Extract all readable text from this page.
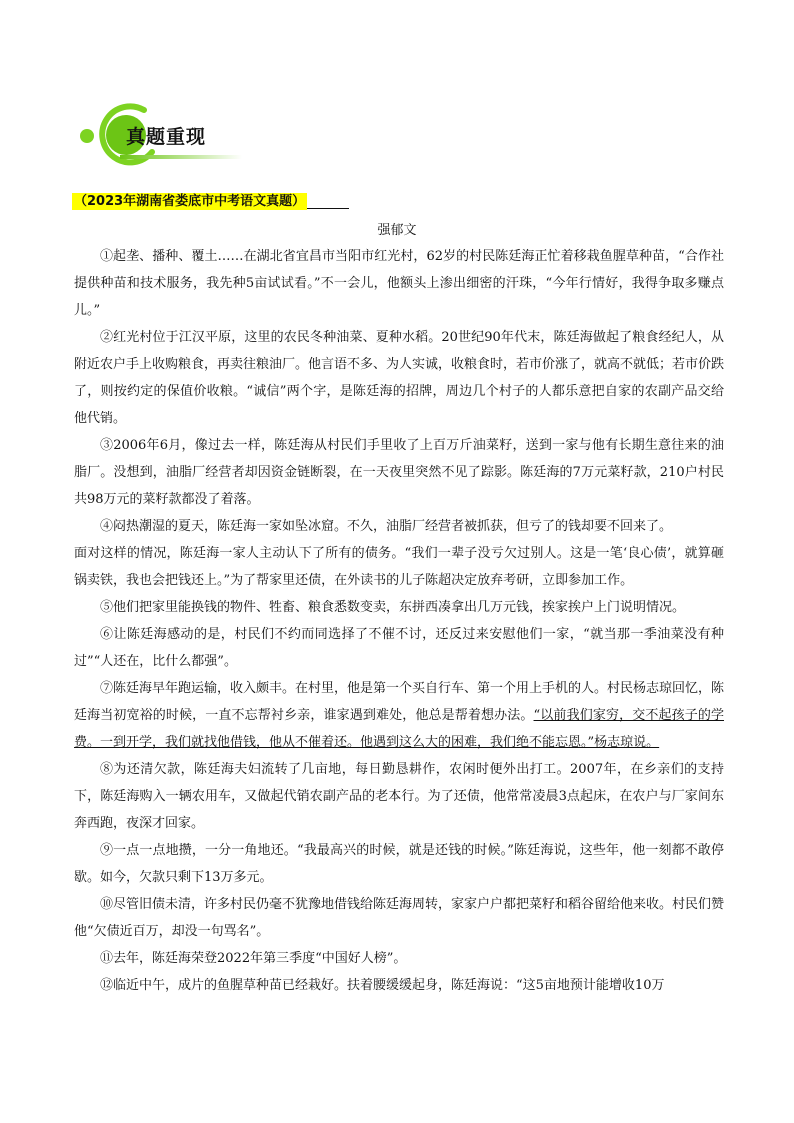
真题重现
（2023年湖南省娄底市中考语文真题）
强郁文

①起垄、播种、覆土……在湖北省宜昌市当阳市红光村，62岁的村民陈廷海正忙着移栽鱼腥草种苗，“合作社提供种苗和技术服务，我先种5亩试试看。”不一会儿，他额头上渗出细密的汗珠，“今年行情好，我得争取多赚点儿。”

②红光村位于江汉平原，这里的农民冬种油菜、夏种水稻。20世纪90年代末，陈廷海做起了粮食经纪人，从附近农户手上收购粮食，再卖往粮油厂。他言语不多、为人实诚，收粮食时，若市价涨了，就高不就低；若市价跌了，则按约定的保值价收粮。“诚信”两个字，是陈廷海的招牌，周边几个村子的人都乐意把自家的农副产品交给他代销。

③2006年6月，像过去一样，陈廷海从村民们手里收了上百万斤油菜籽，送到一家与他有长期生意往来的油脂厂。没想到，油脂厂经营者却因资金链断裂，在一天夜里突然不见了踪影。陈廷海的7万元菜籽款，210户村民共98万元的菜籽款都没了着落。

④闷热潮湿的夏天，陈廷海一家如坠冰窟。不久，油脂厂经营者被抓获，但亏了的钱却要不回来了。

面对这样的情况，陈廷海一家人主动认下了所有的债务。“我们一辈子没亏欠过别人。这是一笔‘良心债’，就算砸锅卖铁，我也会把钱还上。”为了帮家里还债，在外读书的儿子陈超决定放弃考研，立即参加工作。

⑤他们把家里能换钱的物件、牲畜、粮食悉数变卖，东拼西凑拿出几万元钱，挨家挨户上门说明情况。

⑥让陈廷海感动的是，村民们不约而同选择了不催不讨，还反过来安慰他们一家，“就当那一季油菜没有种过”“人还在，比什么都强”。

⑦陈廷海早年跑运输，收入颇丰。在村里，他是第一个买自行车、第一个用上手机的人。村民杨志琼回忆，陈廷海当初宽裕的时候，一直不忘帮衬乡亲，谁家遇到难处，他总是帮着想办法。“以前我们家穷，交不起孩子的学费。一到开学，我们就找他借钱，他从不催着还。他遇到这么大的困难，我们绝不能忘恩。”杨志琼说。

⑧为还清欠款，陈廷海夫妇流转了几亩地，每日勤恳耕作，农闲时便外出打工。2007年，在乡亲们的支持下，陈廷海购入一辆农用车，又做起代销农副产品的老本行。为了还债，他常常凌晨3点起床，在农户与厂家间东奔西跑，夜深才回家。

⑨一点一点地攒，一分一角地还。“我最高兴的时候，就是还钱的时候。”陈廷海说，这些年，他一刻都不敢停歇。如今，欠款只剩下13万多元。

⑩尽管旧债未清，许多村民仍毫不犹豫地借钱给陈廷海周转，家家户户都把菜籽和稻谷留给他来收。村民们赞他“欠债近百万，却没一句骂名”。

⑪去年，陈廷海荣登2022年第三季度“中国好人榜”。

⑫临近中午，成片的鱼腥草种苗已经栽好。扶着腰缓缓起身，陈廷海说：“这5亩地预计能增收10万
